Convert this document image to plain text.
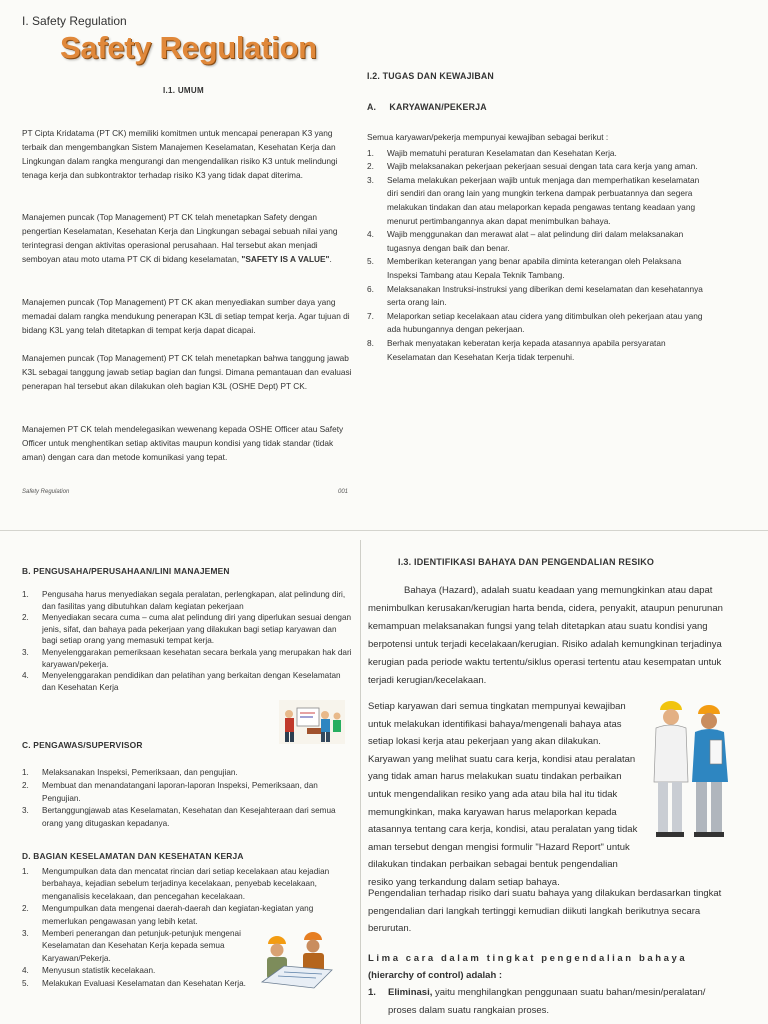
I. Safety Regulation
Safety Regulation
I.1. UMUM
PT Cipta Kridatama (PT CK) memiliki komitmen untuk mencapai penerapan K3 yang terbaik dan mengembangkan Sistem Manajemen Keselamatan, Kesehatan Kerja dan Lingkungan dalam rangka mengurangi dan mengendalikan risiko K3 untuk melindungi tenaga kerja dan subkontraktor terhadap risiko K3 yang tidak dapat diterima.
Manajemen puncak (Top Management) PT CK telah menetapkan Safety dengan pengertian Keselamatan, Kesehatan Kerja dan Lingkungan sebagai sebuah nilai yang terintegrasi dengan aktivitas operasional perusahaan. Hal tersebut akan menjadi semboyan atau moto utama PT CK di bidang keselamatan, "SAFETY IS A VALUE".
Manajemen puncak (Top Management) PT CK akan menyediakan sumber daya yang memadai dalam rangka mendukung penerapan K3L di setiap tempat kerja. Agar tujuan di bidang K3L yang telah ditetapkan di tempat kerja dapat dicapai.
Manajemen puncak (Top Management) PT CK telah menetapkan bahwa tanggung jawab K3L sebagai tanggung jawab setiap bagian dan fungsi. Dimana pemantauan dan evaluasi penerapan hal tersebut akan dilakukan oleh bagian K3L (OSHE Dept) PT CK.
Manajemen PT CK telah mendelegasikan wewenang kepada OSHE Officer atau Safety Officer untuk menghentikan setiap aktivitas maupun kondisi yang tidak standar (tidak aman) dengan cara dan metode komunikasi yang tepat.
Safety Regulation	001
I.2. TUGAS DAN KEWAJIBAN
A.     KARYAWAN/PEKERJA
Semua karyawan/pekerja mempunyai kewajiban sebagai berikut :
1.	Wajib mematuhi peraturan Keselamatan dan Kesehatan Kerja.
2.	Wajib melaksanakan pekerjaan pekerjaan sesuai dengan tata cara kerja yang aman.
3.	Selama melakukan pekerjaan wajib untuk menjaga dan memperhatikan keselamatan diri sendiri dan orang lain yang mungkin terkena dampak perbuatannya dan segera melakukan tindakan dan atau melaporkan kepada pengawas tentang keadaan yang menurut pertimbangannya akan dapat menimbulkan bahaya.
4.	Wajib menggunakan dan merawat alat – alat pelindung diri dalam melaksanakan tugasnya dengan baik dan benar.
5.	Memberikan keterangan yang benar apabila diminta keterangan oleh Pelaksana Inspeksi Tambang atau Kepala Teknik Tambang.
6.	Melaksanakan Instruksi-instruksi yang diberikan demi keselamatan dan kesehatannya serta orang lain.
7.	Melaporkan setiap kecelakaan atau cidera yang ditimbulkan oleh pekerjaan atau yang ada hubungannya dengan pekerjaan.
8.	Berhak menyatakan keberatan kerja kepada atasannya apabila persyaratan Keselamatan dan Kesehatan Kerja tidak terpenuhi.
B. PENGUSAHA/PERUSAHAAN/LINI MANAJEMEN
1.	Pengusaha harus menyediakan segala peralatan, perlengkapan, alat pelindung diri, dan fasilitas yang dibutuhkan dalam kegiatan pekerjaan
2.	Menyediakan secara cuma – cuma alat pelindung diri yang diperlukan sesuai dengan jenis, sifat, dan bahaya pada pekerjaan yang dilakukan bagi setiap karyawan dan bagi setiap orang yang memasuki tempat kerja.
3.	Menyelenggarakan pemeriksaan kesehatan secara berkala yang merupakan hak dari karyawan/pekerja.
4.	Menyelenggarakan pendidikan dan pelatihan yang berkaitan dengan Keselamatan dan Kesehatan Kerja
C. PENGAWAS/SUPERVISOR
1.	Melaksanakan Inspeksi, Pemeriksaan, dan pengujian.
2.	Membuat dan menandatangani laporan-laporan Inspeksi, Pemeriksaan, dan Pengujian.
3.	Bertanggungjawab atas Keselamatan, Kesehatan dan Kesejahteraan dari semua orang yang ditugaskan kepadanya.
D. BAGIAN KESELAMATAN DAN KESEHATAN KERJA
1.	Mengumpulkan data dan mencatat rincian dari setiap kecelakaan atau kejadian berbahaya, kejadian sebelum terjadinya kecelakaan, penyebab kecelakaan, menganalisis kecelakaan, dan pencegahan kecelakaan.
2.	Mengumpulkan data mengenai daerah-daerah dan kegiatan-kegiatan yang memerlukan pengawasan yang lebih ketat.
3.	Memberi penerangan dan petunjuk-petunjuk mengenai Keselamatan dan Kesehatan Kerja kepada semua Karyawan/Pekerja.
4.	Menyusun statistik kecelakaan.
5.	Melakukan Evaluasi Keselamatan dan Kesehatan Kerja.
I.3. IDENTIFIKASI BAHAYA DAN PENGENDALIAN RESIKO
Bahaya (Hazard), adalah suatu keadaan yang memungkinkan atau dapat menimbulkan kerusakan/kerugian harta benda, cidera, penyakit, ataupun penurunan kemampuan melaksanakan fungsi yang telah ditetapkan atau suatu kondisi yang berpotensi untuk terjadi kecelakaan/kerugian. Risiko adalah kemungkinan terjadinya kerugian pada periode waktu tertentu/siklus operasi tertentu atau kesempatan untuk terjadi kerugian/kecelakaan.
Setiap karyawan dari semua tingkatan mempunyai kewajiban untuk melakukan identifikasi bahaya/mengenali bahaya atas setiap lokasi kerja atau pekerjaan yang akan dilakukan. Karyawan yang melihat suatu cara kerja, kondisi atau peralatan yang tidak aman harus melakukan suatu tindakan perbaikan untuk mengendalikan resiko yang ada atau bila hal itu tidak memungkinkan, maka karyawan harus melaporkan kepada atasannya tentang cara kerja, kondisi, atau peralatan yang tidak aman tersebut dengan mengisi formulir "Hazard Report" untuk dilakukan tindakan perbaikan sebagai bentuk pengendalian resiko yang terkandung dalam setiap bahaya.
Pengendalian terhadap risiko dari suatu bahaya yang dilakukan berdasarkan tingkat pengendalian dari langkah tertinggi kemudian diikuti langkah berikutnya secara berurutan.
Lima cara dalam tingkat pengendalian bahaya
(hierarchy of control) adalah :
1.	Eliminasi, yaitu menghilangkan penggunaan suatu bahan/mesin/peralatan/ proses dalam suatu rangkaian proses.
